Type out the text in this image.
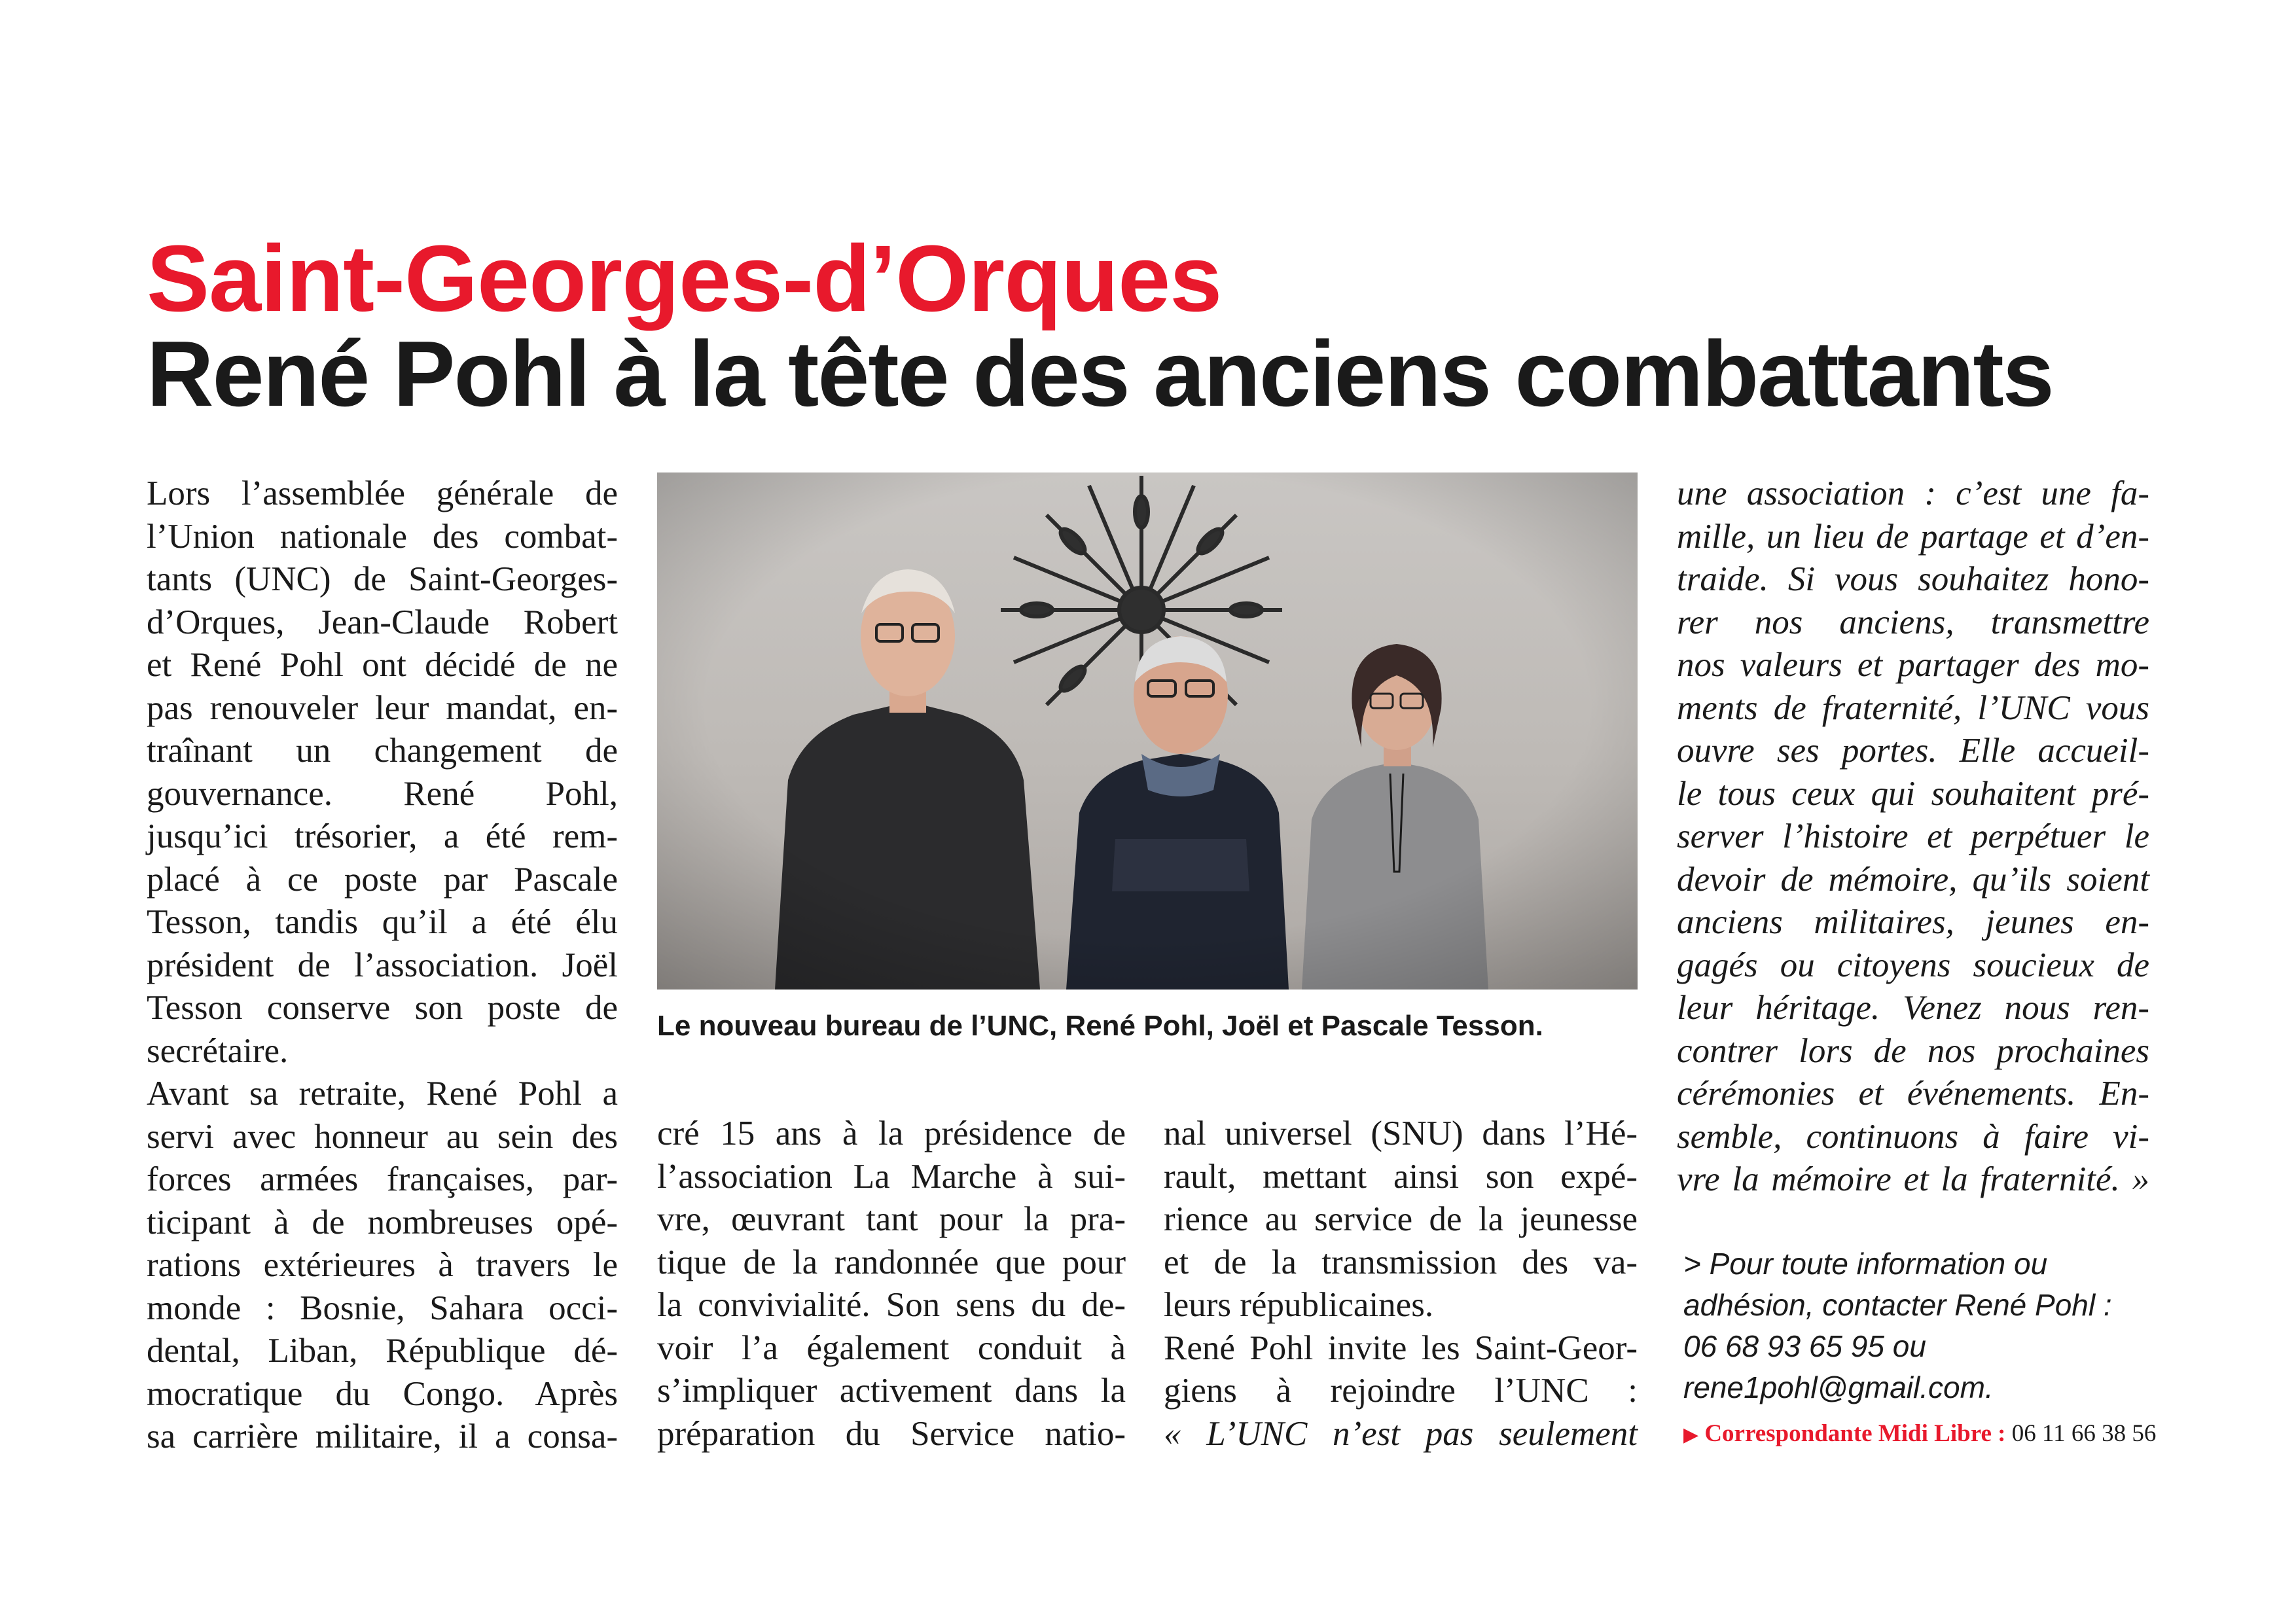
Saint-Georges-d’Orques
René Pohl à la tête des anciens combattants

Lors l’assemblée générale de
l’Union nationale des combat-
tants (UNC) de Saint-Georges-
d’Orques, Jean-Claude Robert
et René Pohl ont décidé de ne
pas renouveler leur mandat, en-
traînant un changement de
gouvernance. René Pohl,
jusqu’ici trésorier, a été rem-
placé à ce poste par Pascale
Tesson, tandis qu’il a été élu
président de l’association. Joël
Tesson conserve son poste de
secrétaire.

Avant sa retraite, René Pohl a
servi avec honneur au sein des
forces armées françaises, par-
ticipant à de nombreuses opé-
rations extérieures à travers le
monde : Bosnie, Sahara occi-
dental, Liban, République dé-
mocratique du Congo. Après
sa carrière militaire, il a consa-

Le nouveau bureau de l’UNC, René Pohl, Joël et Pascale Tesson.

cré 15 ans à la présidence de
l’association La Marche à sui-
vre, œuvrant tant pour la pra-
tique de la randonnée que pour
la convivialité. Son sens du de-
voir l’a également conduit à
s’impliquer activement dans la
préparation du Service natio-

nal universel (SNU) dans l’Hé-
rault, mettant ainsi son expé-
rience au service de la jeunesse
et de la transmission des va-
leurs républicaines.

René Pohl invite les Saint-Geor-
giens à rejoindre l’UNC :
« L’UNC n’est pas seulement

une association : c’est une fa-
mille, un lieu de partage et d’en-
traide. Si vous souhaitez hono-
rer nos anciens, transmettre
nos valeurs et partager des mo-
ments de fraternité, l’UNC vous
ouvre ses portes. Elle accueil-
le tous ceux qui souhaitent pré-
server l’histoire et perpétuer le
devoir de mémoire, qu’ils soient
anciens militaires, jeunes en-
gagés ou citoyens soucieux de
leur héritage. Venez nous ren-
contrer lors de nos prochaines
cérémonies et événements. En-
semble, continuons à faire vi-
vre la mémoire et la fraternité. »

> Pour toute information ou
adhésion, contacter René Pohl :
06 68 93 65 95 ou
rene1pohl@gmail.com.

▶ Correspondante Midi Libre : 06 11 66 38 56
